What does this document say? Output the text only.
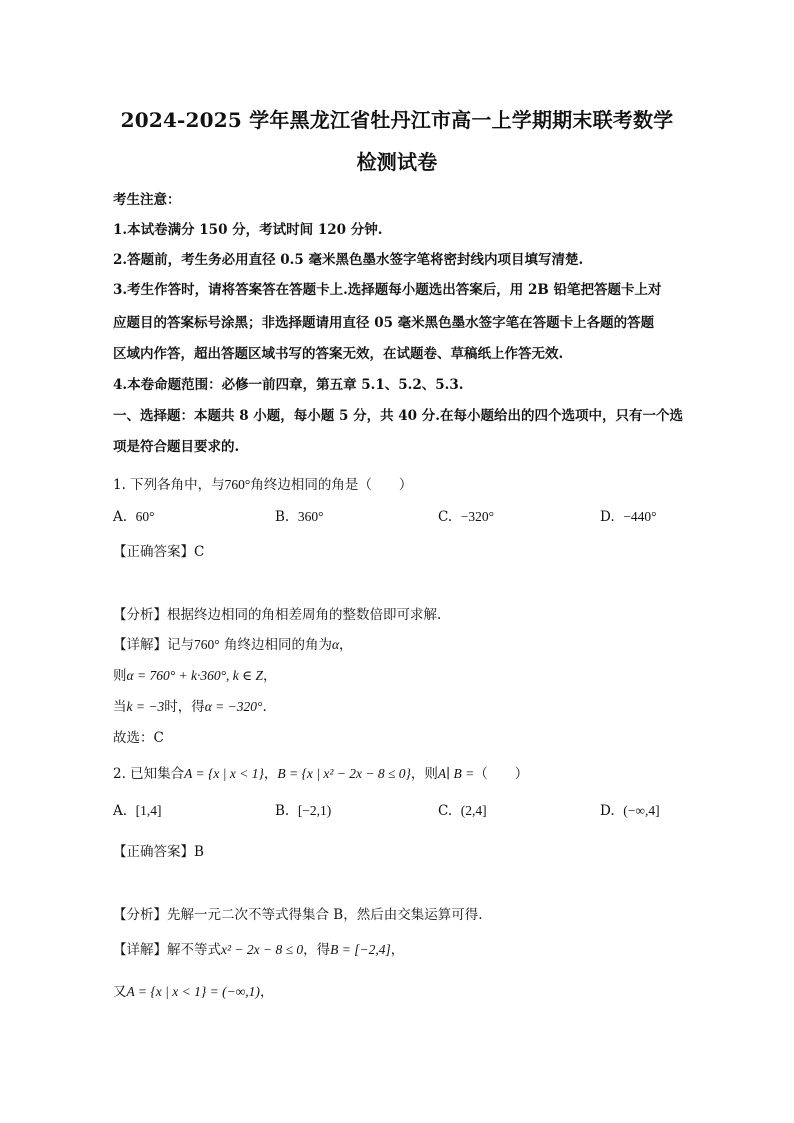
2024-2025 学年黑龙江省牡丹江市高一上学期期末联考数学
检测试卷
考生注意：
1.本试卷满分 150 分，考试时间 120 分钟.
2.答题前，考生务必用直径 0.5 毫米黑色墨水签字笔将密封线内项目填写清楚.
3.考生作答时，请将答案答在答题卡上.选择题每小题选出答案后，用 2B 铅笔把答题卡上对
应题目的答案标号涂黑；非选择题请用直径 05 毫米黑色墨水签字笔在答题卡上各题的答题
区域内作答，超出答题区域书写的答案无效，在试题卷、草稿纸上作答无效.
4.本卷命题范围：必修一前四章，第五章 5.1、5.2、5.3.
一、选择题：本题共 8 小题，每小题 5 分，共 40 分.在每小题给出的四个选项中，只有一个选
项是符合题目要求的.
1. 下列各角中，与760°角终边相同的角是（　　）
A. 60°	B. 360°	C. −320°	D. −440°
【正确答案】C
【分析】根据终边相同的角相差周角的整数倍即可求解.
【详解】记与760° 角终边相同的角为α，
则α = 760° + k·360°, k ∈ Z，
当k = −3时，得α = −320°.
故选：C
2. 已知集合A = {x | x < 1}，B = {x | x² − 2x − 8 ≤ 0}，则A∣ B =（　　）
A. [1,4]	B. [−2,1)	C. (2,4]	D. (−∞,4]
【正确答案】B
【分析】先解一元二次不等式得集合 B，然后由交集运算可得.
【详解】解不等式x² − 2x − 8 ≤ 0，得B = [−2,4]，
又A = {x | x < 1} = (−∞,1)，
